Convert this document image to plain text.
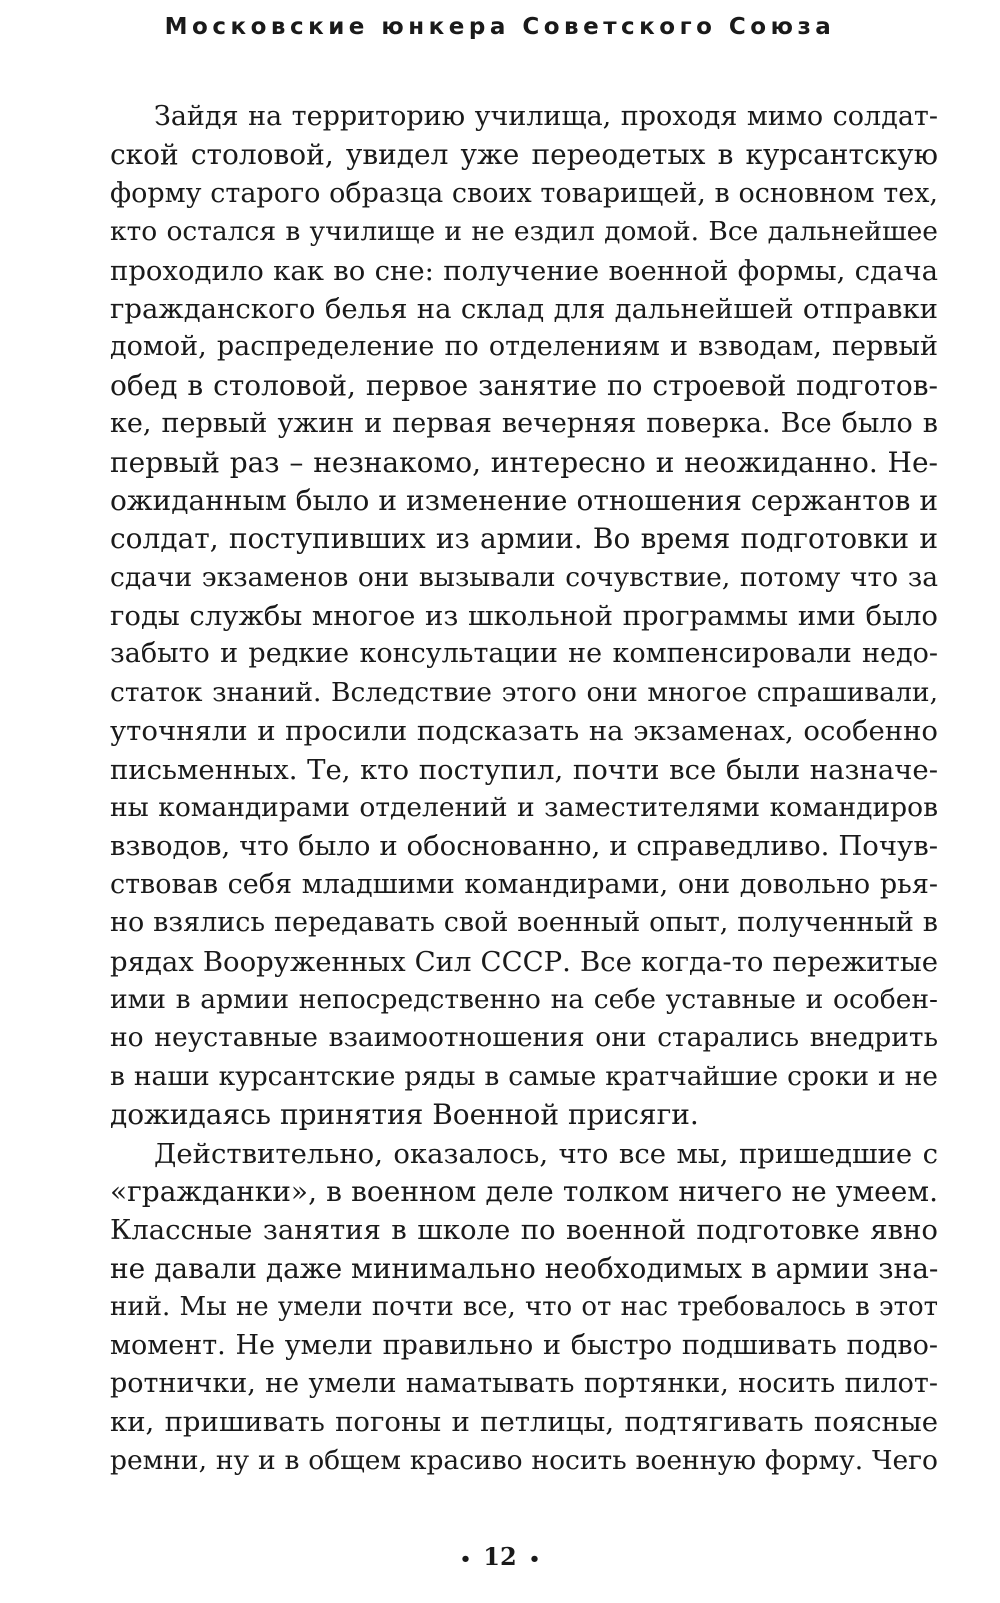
Московские юнкера Советского Союза
Зайдя на территорию училища, проходя мимо солдат-
ской столовой, увидел уже переодетых в курсантскую
форму старого образца своих товарищей, в основном тех,
кто остался в училище и не ездил домой. Все дальнейшее
проходило как во сне: получение военной формы, сдача
гражданского белья на склад для дальнейшей отправки
домой, распределение по отделениям и взводам, первый
обед в столовой, первое занятие по строевой подготов-
ке, первый ужин и первая вечерняя поверка. Все было в
первый раз – незнакомо, интересно и неожиданно. Не-
ожиданным было и изменение отношения сержантов и
солдат, поступивших из армии. Во время подготовки и
сдачи экзаменов они вызывали сочувствие, потому что за
годы службы многое из школьной программы ими было
забыто и редкие консультации не компенсировали недо-
статок знаний. Вследствие этого они многое спрашивали,
уточняли и просили подсказать на экзаменах, особенно
письменных. Те, кто поступил, почти все были назначе-
ны командирами отделений и заместителями командиров
взводов, что было и обоснованно, и справедливо. Почув-
ствовав себя младшими командирами, они довольно рья-
но взялись передавать свой военный опыт, полученный в
рядах Вооруженных Сил СССР. Все когда-то пережитые
ими в армии непосредственно на себе уставные и особен-
но неуставные взаимоотношения они старались внедрить
в наши курсантские ряды в самые кратчайшие сроки и не
дожидаясь принятия Военной присяги.
Действительно, оказалось, что все мы, пришедшие с
«гражданки», в военном деле толком ничего не умеем.
Классные занятия в школе по военной подготовке явно
не давали даже минимально необходимых в армии зна-
ний. Мы не умели почти все, что от нас требовалось в этот
момент. Не умели правильно и быстро подшивать подво-
ротнички, не умели наматывать портянки, носить пилот-
ки, пришивать погоны и петлицы, подтягивать поясные
ремни, ну и в общем красиво носить военную форму. Чего
• 12 •
